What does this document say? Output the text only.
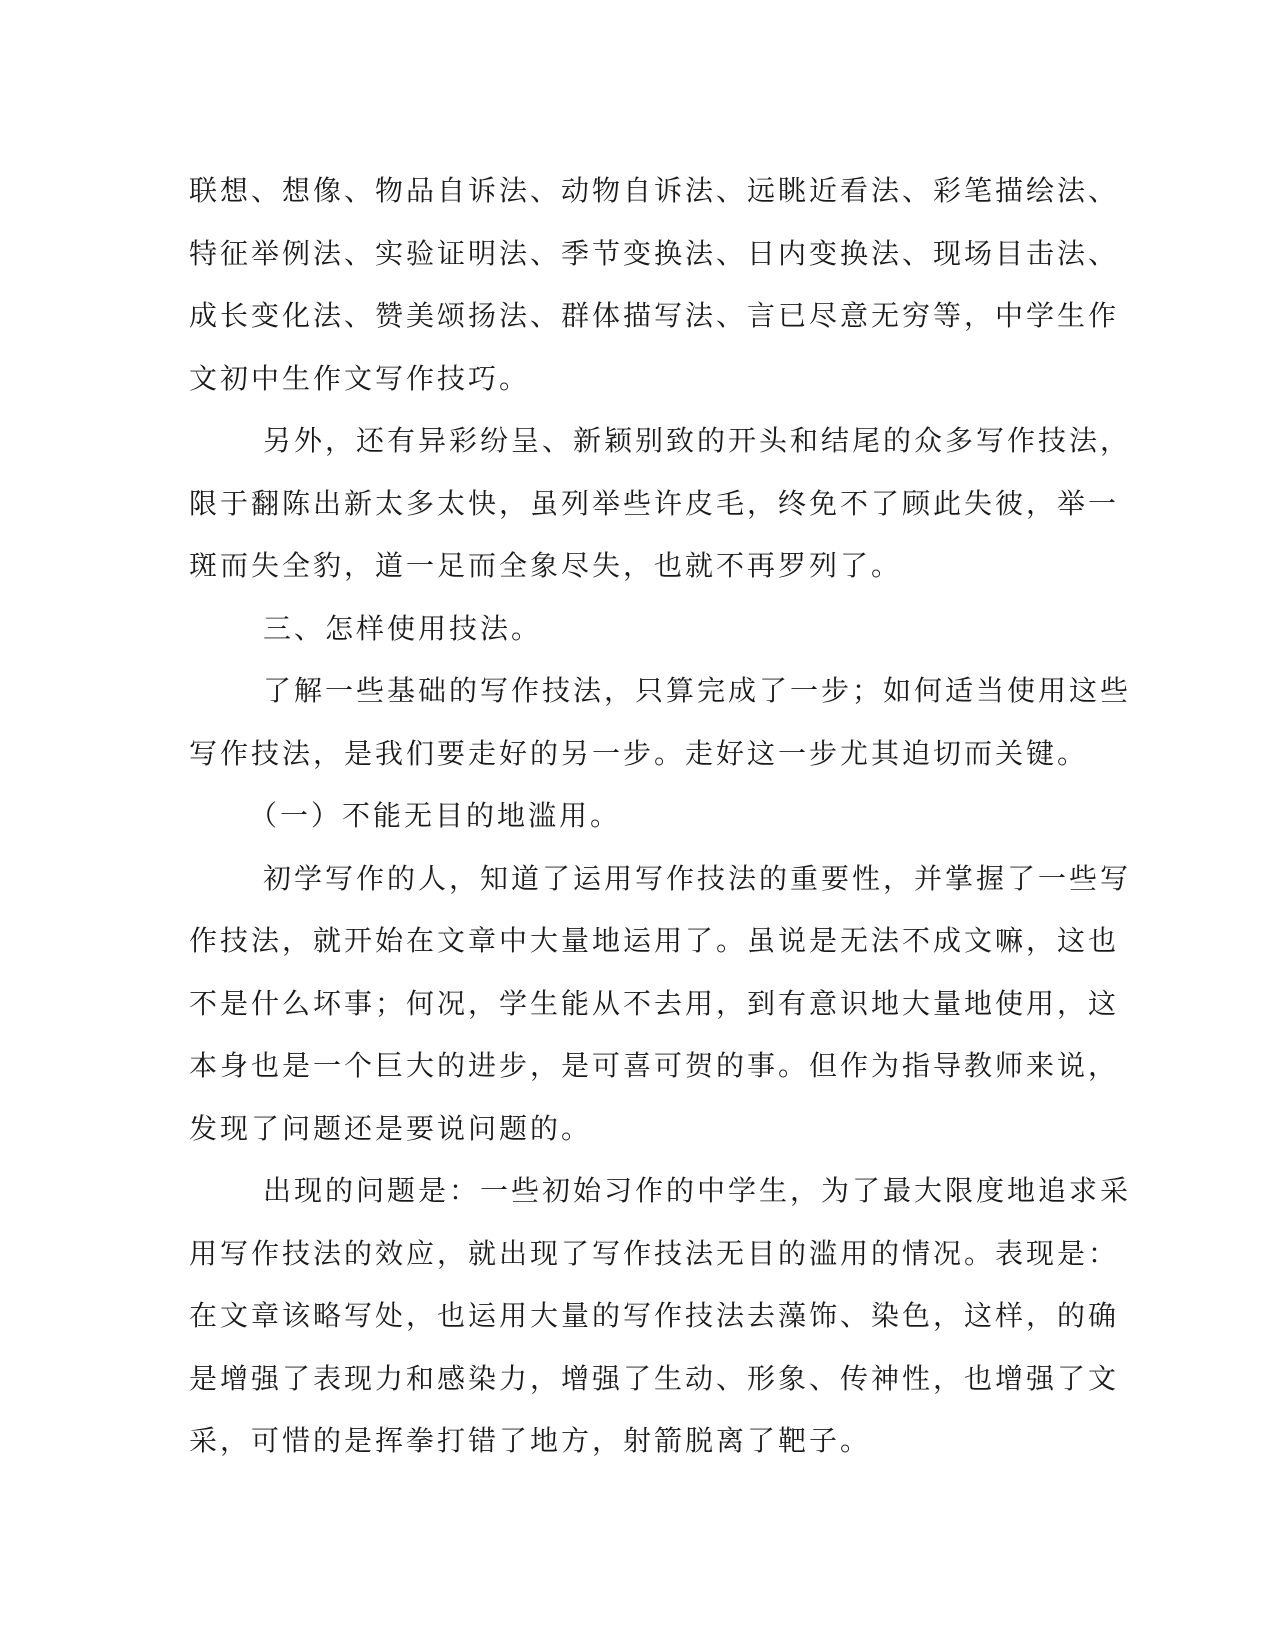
联想、想像、物品自诉法、动物自诉法、远眺近看法、彩笔描绘法、
特征举例法、实验证明法、季节变换法、日内变换法、现场目击法、
成长变化法、赞美颂扬法、群体描写法、言已尽意无穷等，中学生作
文初中生作文写作技巧。
另外，还有异彩纷呈、新颖别致的开头和结尾的众多写作技法，
限于翻陈出新太多太快，虽列举些许皮毛，终免不了顾此失彼，举一
斑而失全豹，道一足而全象尽失，也就不再罗列了。
三、怎样使用技法。
了解一些基础的写作技法，只算完成了一步；如何适当使用这些
写作技法，是我们要走好的另一步。走好这一步尤其迫切而关键。
（一）不能无目的地滥用。
初学写作的人，知道了运用写作技法的重要性，并掌握了一些写
作技法，就开始在文章中大量地运用了。虽说是无法不成文嘛，这也
不是什么坏事；何况，学生能从不去用，到有意识地大量地使用，这
本身也是一个巨大的进步，是可喜可贺的事。但作为指导教师来说，
发现了问题还是要说问题的。
出现的问题是：一些初始习作的中学生，为了最大限度地追求采
用写作技法的效应，就出现了写作技法无目的滥用的情况。表现是：
在文章该略写处，也运用大量的写作技法去藻饰、染色，这样，的确
是增强了表现力和感染力，增强了生动、形象、传神性，也增强了文
采，可惜的是挥拳打错了地方，射箭脱离了靶子。
